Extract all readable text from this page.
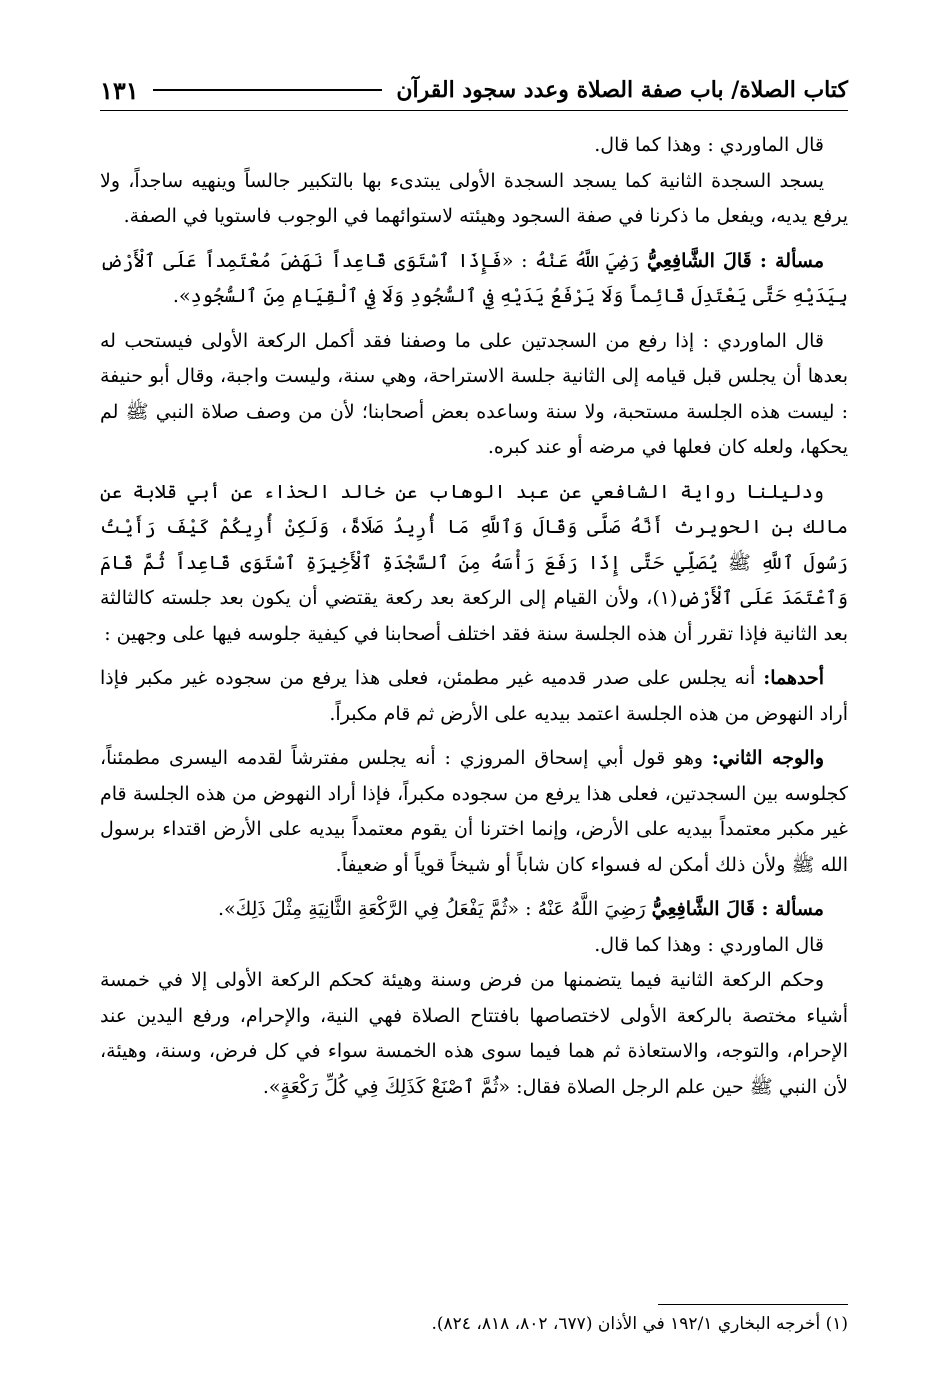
كتاب الصلاة/ باب صفة الصلاة وعدد سجود القرآن
١٣١

قال الماوردي : وهذا كما قال.

يسجد السجدة الثانية كما يسجد السجدة الأولى يبتدىء بها بالتكبير جالساً وينهيه ساجداً، ولا يرفع يديه، ويفعل ما ذكرنا في صفة السجود وهيئته لاستوائهما في الوجوب فاستويا في الصفة.

مسألة : قَالَ الشَّافِعِيُّ رَضِيَ اللَّهُ عَنْهُ : «فَإِذَا ٱسْتَوَى قَاعِداً نَهَضَ مُعْتَمِداً عَلَى ٱلْأَرْضِ بِيَدَيْهِ حَتَّى يَعْتَدِلَ قَائِماً وَلَا يَرْفَعُ يَدَيْهِ فِي ٱلسُّجُودِ وَلَا فِي ٱلْقِيَامِ مِنَ ٱلسُّجُودِ».

قال الماوردي : إذا رفع من السجدتين على ما وصفنا فقد أكمل الركعة الأولى فيستحب له بعدها أن يجلس قبل قيامه إلى الثانية جلسة الاستراحة، وهي سنة، وليست واجبة، وقال أبو حنيفة : ليست هذه الجلسة مستحبة، ولا سنة وساعده بعض أصحابنا؛ لأن من وصف صلاة النبي ﷺ لم يحكها، ولعله كان فعلها في مرضه أو عند كبره.

ودليلنا رواية الشافعي عن عبد الوهاب عن خالد الحذاء عن أبي قلابة عن مالك بن الحويرث أَنَّهُ صَلَّى وَقَالَ وَٱللَّهِ مَا أُرِيدُ صَلَاةً، وَلَكِنْ أُرِيكُمْ كَيْفَ رَأَيْتُ رَسُولَ ٱللَّهِ ﷺ يُصَلِّي حَتَّى إِذَا رَفَعَ رَأْسَهُ مِنَ ٱلسَّجْدَةِ ٱلْأَخِيرَةِ ٱسْتَوَى قَاعِداً ثُمَّ قَامَ وَٱعْتَمَدَ عَلَى ٱلْأَرْضِ(١)، ولأن القيام إلى الركعة بعد ركعة يقتضي أن يكون بعد جلسته كالثالثة بعد الثانية فإذا تقرر أن هذه الجلسة سنة فقد اختلف أصحابنا في كيفية جلوسه فيها على وجهين :

أحدهما: أنه يجلس على صدر قدميه غير مطمئن، فعلى هذا يرفع من سجوده غير مكبر فإذا أراد النهوض من هذه الجلسة اعتمد بيديه على الأرض ثم قام مكبراً.

والوجه الثاني: وهو قول أبي إسحاق المروزي : أنه يجلس مفترشاً لقدمه اليسرى مطمئناً، كجلوسه بين السجدتين، فعلى هذا يرفع من سجوده مكبراً، فإذا أراد النهوض من هذه الجلسة قام غير مكبر معتمداً بيديه على الأرض، وإنما اخترنا أن يقوم معتمداً بيديه على الأرض اقتداء برسول الله ﷺ ولأن ذلك أمكن له فسواء كان شاباً أو شيخاً قوياً أو ضعيفاً.

مسألة : قَالَ الشَّافِعِيُّ رَضِيَ اللَّهُ عَنْهُ : «ثُمَّ يَفْعَلُ فِي الرَّكْعَةِ الثَّانِيَةِ مِثْلَ ذَلِكَ».

قال الماوردي : وهذا كما قال.

وحكم الركعة الثانية فيما يتضمنها من فرض وسنة وهيئة كحكم الركعة الأولى إلا في خمسة أشياء مختصة بالركعة الأولى لاختصاصها بافتتاح الصلاة فهي النية، والإحرام، ورفع اليدين عند الإحرام، والتوجه، والاستعاذة ثم هما فيما سوى هذه الخمسة سواء في كل فرض، وسنة، وهيئة، لأن النبي ﷺ حين علم الرجل الصلاة فقال: «ثُمَّ ٱصْنَعْ كَذَلِكَ فِي كُلِّ رَكْعَةٍ».

(١) أخرجه البخاري ١٩٢/١ في الأذان (٦٧٧، ٨٠٢، ٨١٨، ٨٢٤).
